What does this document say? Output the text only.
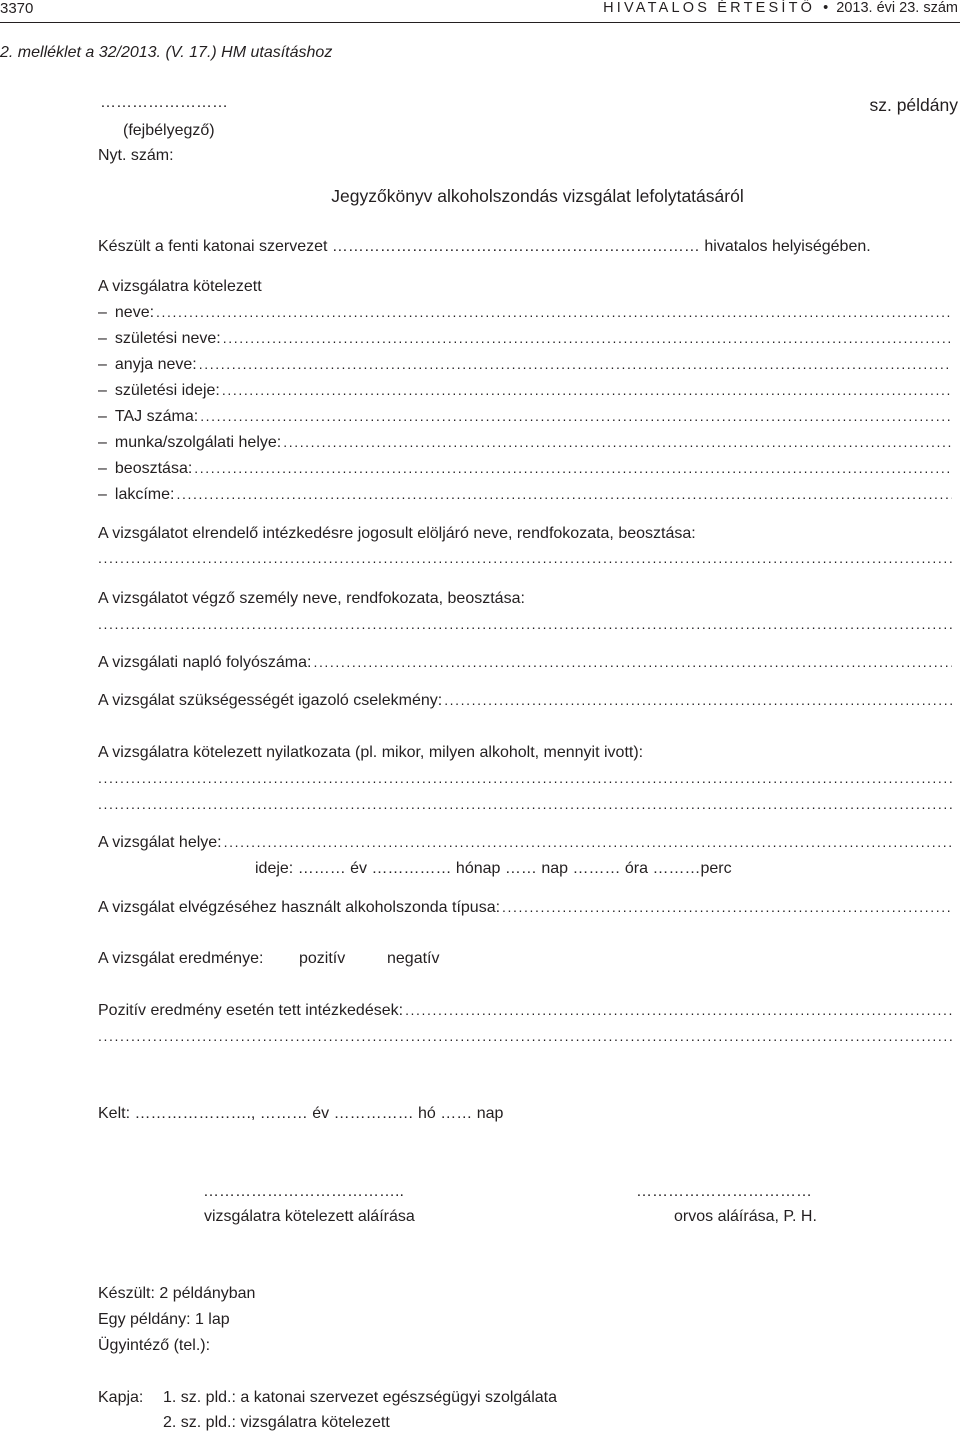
3370	HIVATALOS ÉRTESÍTŐ • 2013. évi 23. szám
2. melléklet a 32/2013. (V. 17.) HM utasításhoz
……………………
(fejbélyegző)
Nyt. szám:
sz. példány
Jegyzőkönyv alkoholszondás vizsgálat lefolytatásáról
Készült a fenti katonai szervezet …………………………………………………………… hivatalos helyiségében.
A vizsgálatra kötelezett
– neve:
.....
– születési neve:
.....
– anyja neve:
.....
– születési ideje:
.....
– TAJ száma:
.....
– munka/szolgálati helye:
.....
– beosztása:
.....
– lakcíme:
.....
A vizsgálatot elrendelő intézkedésre jogosult elöljáró neve, rendfokozata, beosztása:
.....
A vizsgálatot végző személy neve, rendfokozata, beosztása:
.....
A vizsgálati napló folyószáma:
.....
A vizsgálat szükségességét igazoló cselekmény:
.....
A vizsgálatra kötelezett nyilatkozata (pl. mikor, milyen alkoholt, mennyit ivott):
.....
.....
A vizsgálat helye:
.....
ideje: ……… év …………… hónap …… nap ……… óra ………perc
A vizsgálat elvégzéséhez használt alkoholszonda típusa:
.....
A vizsgálat eredménye: pozitív	negatív
Pozitív eredmény esetén tett intézkedések:
.....
.....
Kelt: …………………., ……… év …………… hó …… nap
………………………………..
vizsgálatra kötelezett aláírása
……………………………
orvos aláírása, P. H.
Készült: 2 példányban
Egy példány: 1 lap
Ügyintéző (tel.):
Kapja: 1. sz. pld.: a katonai szervezet egészségügyi szolgálata
2. sz. pld.: vizsgálatra kötelezett
